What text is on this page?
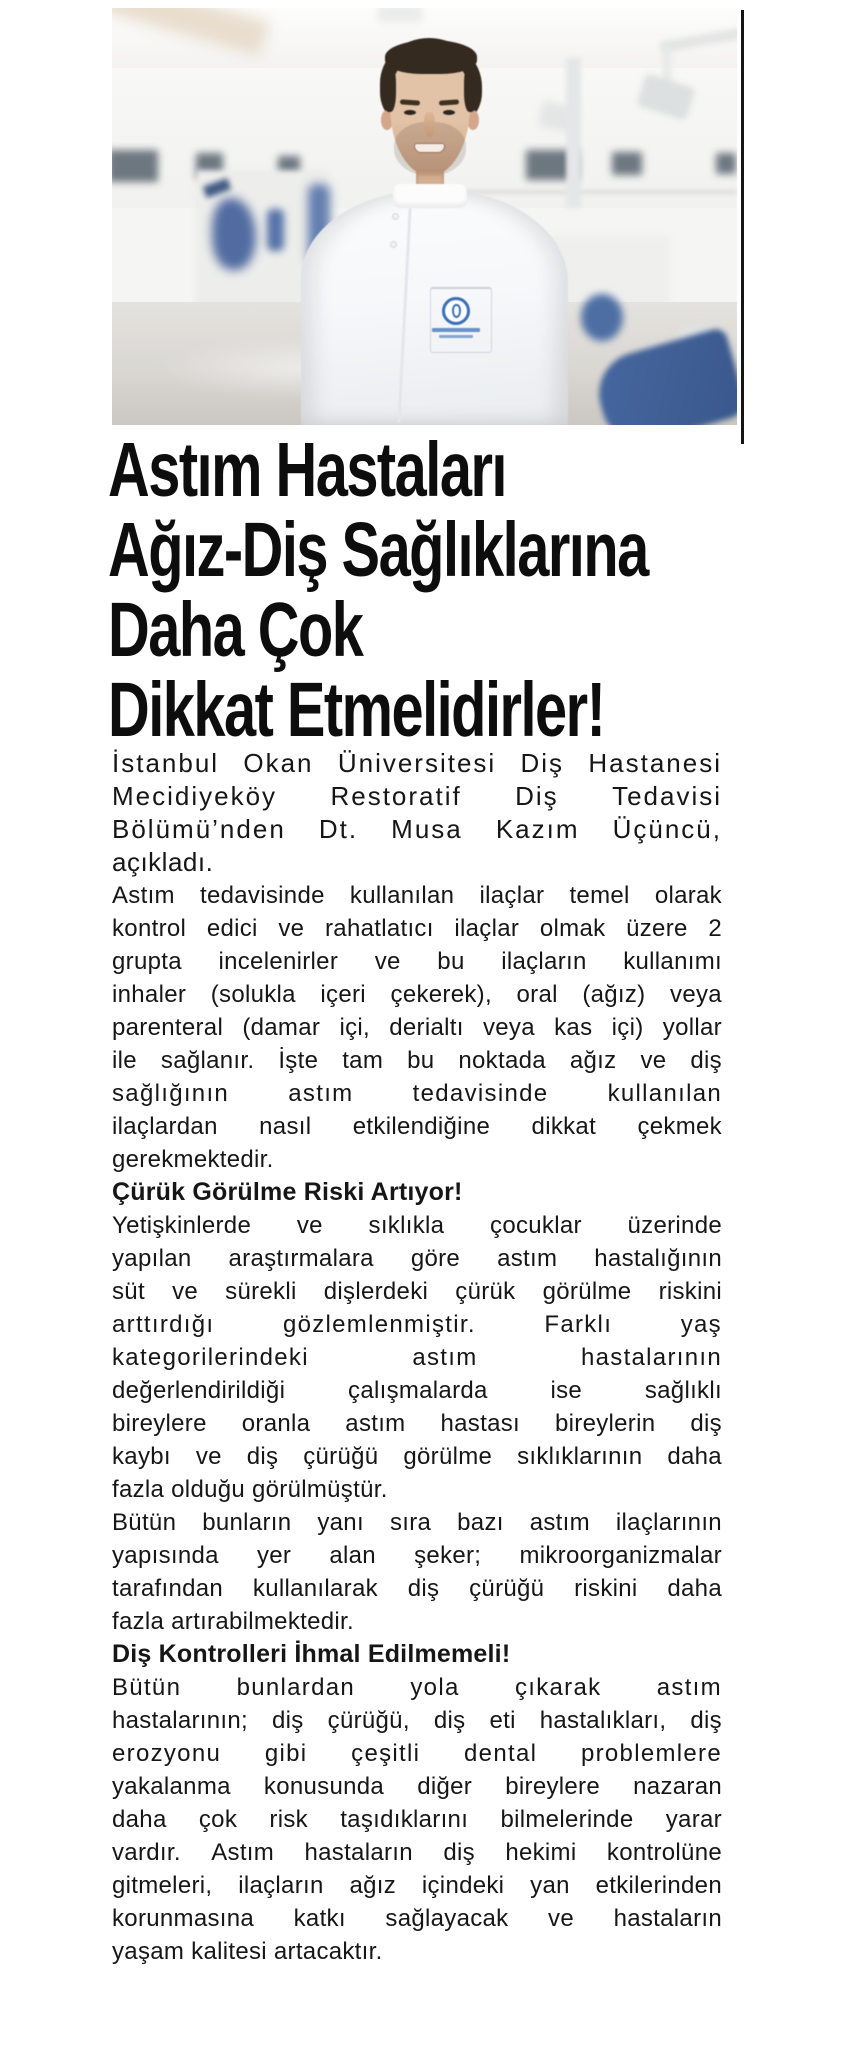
Astım Hastaları
Ağız-Diş Sağlıklarına
Daha Çok
Dikkat Etmelidirler!
İstanbul Okan Üniversitesi Diş Hastanesi
Mecidiyeköy Restoratif Diş Tedavisi
Bölümü’nden Dt. Musa Kazım Üçüncü,
açıkladı.
Astım tedavisinde kullanılan ilaçlar temel olarak
kontrol edici ve rahatlatıcı ilaçlar olmak üzere 2
grupta incelenirler ve bu ilaçların kullanımı
inhaler (solukla içeri çekerek), oral (ağız) veya
parenteral (damar içi, derialtı veya kas içi) yollar
ile sağlanır. İşte tam bu noktada ağız ve diş
sağlığının astım tedavisinde kullanılan
ilaçlardan nasıl etkilendiğine dikkat çekmek
gerekmektedir.
Çürük Görülme Riski Artıyor!
Yetişkinlerde ve sıklıkla çocuklar üzerinde
yapılan araştırmalara göre astım hastalığının
süt ve sürekli dişlerdeki çürük görülme riskini
arttırdığı	gözlemlenmiştir.	Farklı	yaş
kategorilerindeki	astım	hastalarının
değerlendirildiği	çalışmalarda	ise	sağlıklı
bireylere oranla astım hastası bireylerin diş
kaybı ve diş çürüğü görülme sıklıklarının daha
fazla olduğu görülmüştür.
Bütün bunların yanı sıra bazı astım ilaçlarının
yapısında yer alan şeker; mikroorganizmalar
tarafından kullanılarak diş çürüğü riskini daha
fazla artırabilmektedir.
Diş Kontrolleri İhmal Edilmemeli!
Bütün bunlardan yola çıkarak astım
hastalarının; diş çürüğü, diş eti hastalıkları, diş
erozyonu gibi çeşitli dental problemlere
yakalanma konusunda diğer bireylere nazaran
daha çok risk taşıdıklarını bilmelerinde yarar
vardır. Astım hastaların diş hekimi kontrolüne
gitmeleri, ilaçların ağız içindeki yan etkilerinden
korunmasına katkı sağlayacak ve hastaların
yaşam kalitesi artacaktır.
